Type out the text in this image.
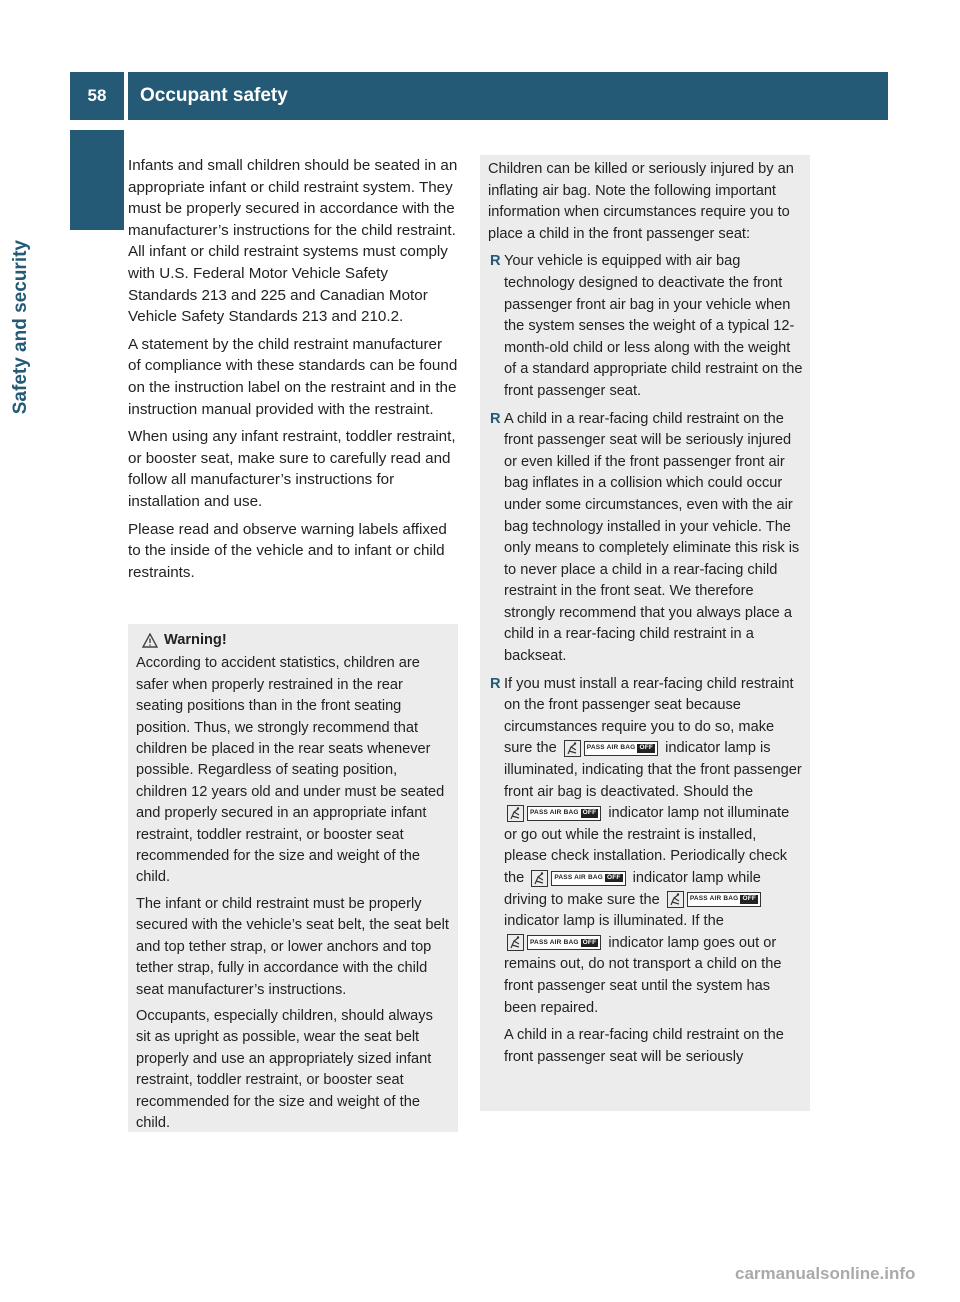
58	Occupant safety
Safety and security

Infants and small children should be seated in an appropriate infant or child restraint system. They must be properly secured in accordance with the manufacturer’s instructions for the child restraint. All infant or child restraint systems must comply with U.S. Federal Motor Vehicle Safety Standards 213 and 225 and Canadian Motor Vehicle Safety Standards 213 and 210.2.

A statement by the child restraint manufacturer of compliance with these standards can be found on the instruction label on the restraint and in the instruction manual provided with the restraint.

When using any infant restraint, toddler restraint, or booster seat, make sure to carefully read and follow all manufacturer’s instructions for installation and use.

Please read and observe warning labels affixed to the inside of the vehicle and to infant or child restraints.

Warning!

According to accident statistics, children are safer when properly restrained in the rear seating positions than in the front seating position. Thus, we strongly recommend that children be placed in the rear seats whenever possible. Regardless of seating position, children 12 years old and under must be seated and properly secured in an appropriate infant restraint, toddler restraint, or booster seat recommended for the size and weight of the child.

The infant or child restraint must be properly secured with the vehicle’s seat belt, the seat belt and top tether strap, or lower anchors and top tether strap, fully in accordance with the child seat manufacturer’s instructions.

Occupants, especially children, should always sit as upright as possible, wear the seat belt properly and use an appropriately sized infant restraint, toddler restraint, or booster seat recommended for the size and weight of the child.

Children can be killed or seriously injured by an inflating air bag. Note the following important information when circumstances require you to place a child in the front passenger seat:

R Your vehicle is equipped with air bag technology designed to deactivate the front passenger front air bag in your vehicle when the system senses the weight of a typical 12-month-old child or less along with the weight of a standard appropriate child restraint on the front passenger seat.
R A child in a rear-facing child restraint on the front passenger seat will be seriously injured or even killed if the front passenger front air bag inflates in a collision which could occur under some circumstances, even with the air bag technology installed in your vehicle. The only means to completely eliminate this risk is to never place a child in a rear-facing child restraint in the front seat. We therefore strongly recommend that you always place a child in a rear-facing child restraint in a backseat.
R If you must install a rear-facing child restraint on the front passenger seat because circumstances require you to do so, make sure the	PASS AIR BAG OFF indicator lamp is illuminated, indicating that the front passenger front air bag is deactivated. Should the
PASS AIR BAG OFF indicator lamp not illuminate or go out while the restraint is installed, please check installation. Periodically check the	PASS AIR BAG OFF indicator lamp while driving to make sure the	PASS AIR BAG OFF
indicator lamp is illuminated. If the
PASS AIR BAG OFF indicator lamp goes out or remains out, do not transport a child on the front passenger seat until the system has been repaired.

A child in a rear-facing child restraint on the front passenger seat will be seriously

carmanualsonline.info
